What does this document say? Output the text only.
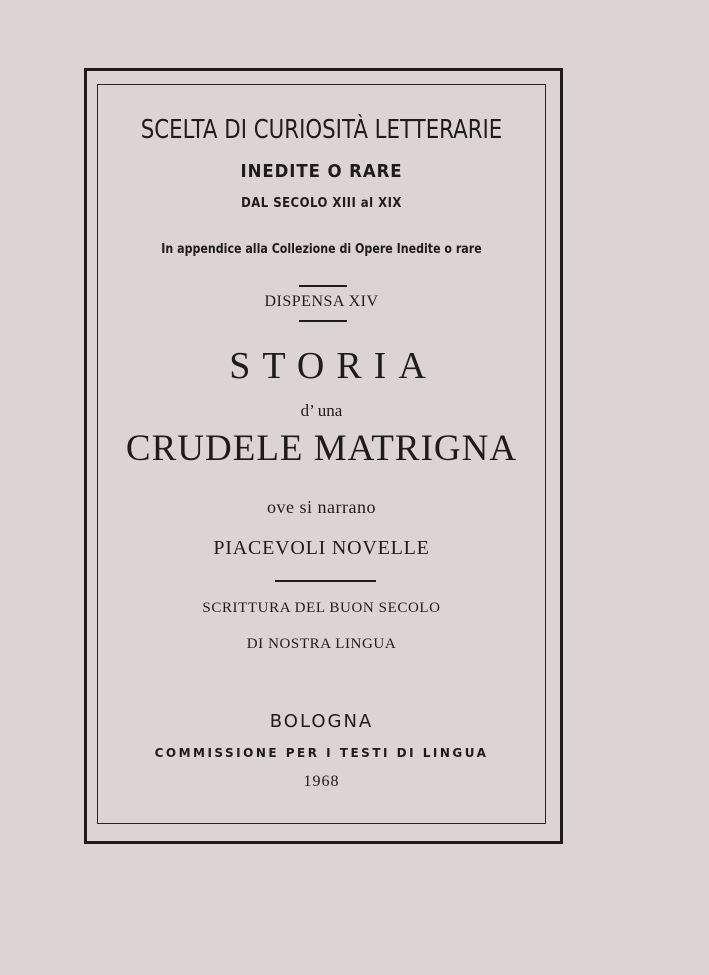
SCELTA DI CURIOSITÀ LETTERARIE
INEDITE O RARE
DAL SECOLO XIII al XIX
In appendice alla Collezione di Opere Inedite o rare
DISPENSA XIV
STORIA
d’ una
CRUDELE MATRIGNA
ove si narrano
PIACEVOLI NOVELLE
SCRITTURA DEL BUON SECOLO
DI NOSTRA LINGUA
BOLOGNA
COMMISSIONE PER I TESTI DI LINGUA
1968
